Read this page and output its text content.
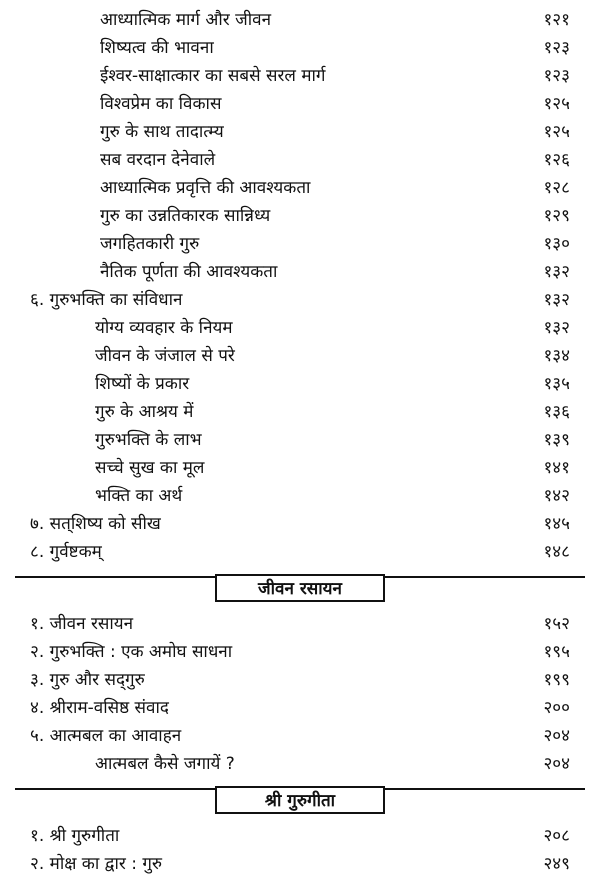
आध्यात्मिक मार्ग और जीवन	१२१
शिष्यत्व की भावना	१२३
ईश्वर-साक्षात्कार का सबसे सरल मार्ग	१२३
विश्वप्रेम का विकास	१२५
गुरु के साथ तादात्म्य	१२५
सब वरदान देनेवाले	१२६
आध्यात्मिक प्रवृत्ति की आवश्यकता	१२८
गुरु का उन्नतिकारक सान्निध्य	१२९
जगहितकारी गुरु	१३०
नैतिक पूर्णता की आवश्यकता	१३२
६. गुरुभक्ति का संविधान	१३२
योग्य व्यवहार के नियम	१३२
जीवन के जंजाल से परे	१३४
शिष्यों के प्रकार	१३५
गुरु के आश्रय में	१३६
गुरुभक्ति के लाभ	१३९
सच्चे सुख का मूल	१४१
भक्ति का अर्थ	१४२
७. सत्‌शिष्य को सीख	१४५
८. गुर्वष्टकम्	१४८
जीवन रसायन
१. जीवन रसायन	१५२
२. गुरुभक्ति : एक अमोघ साधना	१९५
३. गुरु और सद्‌गुरु	१९९
४. श्रीराम-वसिष्ठ संवाद	२००
५. आत्मबल का आवाहन	२०४
आत्मबल कैसे जगायें ?	२०४
श्री गुरुगीता
१. श्री गुरुगीता	२०८
२. मोक्ष का द्वार : गुरु	२४९
